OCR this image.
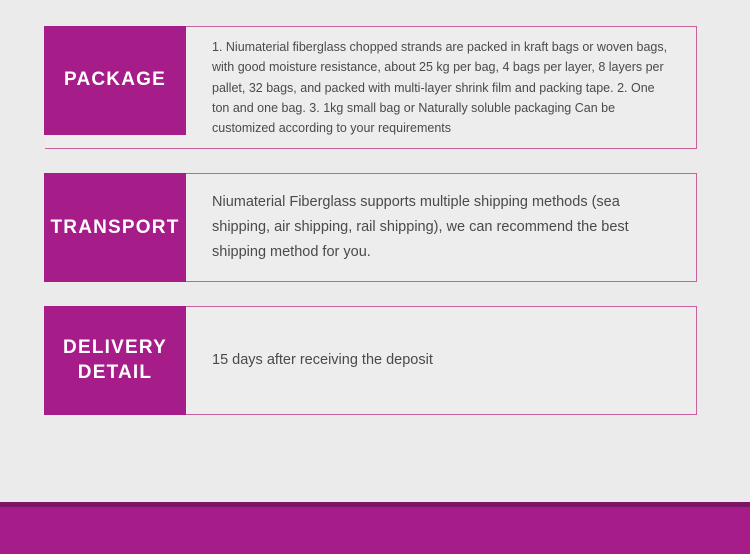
PACKAGE

1. Niumaterial fiberglass chopped strands are packed in kraft bags or woven bags, with good moisture resistance, about 25 kg per bag, 4 bags per layer, 8 layers per pallet, 32 bags, and packed with multi-layer shrink film and packing tape. 2. One ton and one bag. 3. 1kg small bag or Naturally soluble packaging Can be customized according to your requirements

TRANSPORT

Niumaterial Fiberglass supports multiple shipping methods (sea shipping, air shipping, rail shipping), we can recommend the best shipping method for you.

DELIVERY DETAIL

15 days after receiving the deposit
